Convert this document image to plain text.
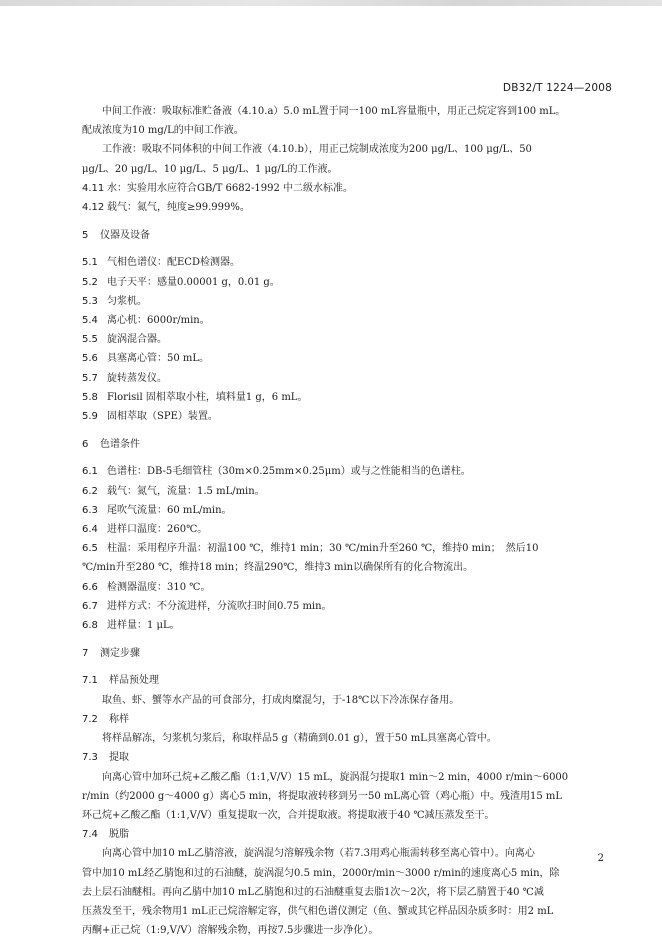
DB32/T 1224—2008

中间工作液：吸取标准贮备液（4.10.a）5.0 mL置于同一100 mL容量瓶中，用正己烷定容到100 mL。

配成浓度为10 mg/L的中间工作液。

工作液：吸取不同体积的中间工作液（4.10.b），用正己烷制成浓度为200 μg/L、100 μg/L、50

μg/L、20 μg/L、10 μg/L、5 μg/L、1 μg/L的工作液。

4.11 水：实验用水应符合GB/T 6682-1992 中二级水标准。
4.12 载气：氮气，纯度≥99.999%。
5	仪器及设备
5.1 气相色谱仪：配ECD检测器。
5.2 电子天平：感量0.00001 g，0.01 g。
5.3 匀浆机。
5.4 离心机：6000r/min。
5.5 旋涡混合器。
5.6 具塞离心管：50 mL。
5.7 旋转蒸发仪。
5.8 Florisil 固相萃取小柱，填料量1 g，6 mL。
5.9 固相萃取（SPE）装置。
6	色谱条件
6.1 色谱柱：DB-5毛细管柱（30m×0.25mm×0.25μm）或与之性能相当的色谱柱。
6.2 载气：氮气，流量：1.5 mL/min。
6.3 尾吹气流量：60 mL/min。
6.4 进样口温度：260℃。
6.5 柱温：采用程序升温：初温100 ℃，维持1 min；30 ℃/min升至260 ℃，维持0 min；　然后10

℃/min升至280 ℃，维持18 min；终温290℃，维持3 min以确保所有的化合物流出。

6.6 检测器温度：310 ℃。
6.7 进样方式：不分流进样，分流吹扫时间0.75 min。
6.8 进样量：1 μL。
7	测定步骤
7.1	样品预处理

取鱼、虾、蟹等水产品的可食部分，打成肉糜混匀，于-18℃以下冷冻保存备用。

7.2	称样

将样品解冻，匀浆机匀浆后，称取样品5 g（精确到0.01 g），置于50 mL具塞离心管中。

7.3	提取

向离心管中加环己烷+乙酸乙酯（1:1,V/V）15 mL，旋涡混匀提取1 min～2 min，4000 r/min～6000

r/min（约2000 g～4000 g）离心5 min，将提取液转移到另一50 mL离心管（鸡心瓶）中。残渣用15 mL

环己烷+乙酸乙酯（1:1,V/V）重复提取一次，合并提取液。将提取液于40 ℃减压蒸发至干。

7.4	脱脂

向离心管中加10 mL乙腈溶液，旋涡混匀溶解残余物（若7.3用鸡心瓶需转移至离心管中）。向离心

管中加10 mL经乙腈饱和过的石油醚，旋涡混匀0.5 min，2000r/min～3000 r/min的速度离心5 min，除

去上层石油醚相。再向乙腈中加10 mL乙腈饱和过的石油醚重复去脂1次～2次，将下层乙腈置于40 ℃减

压蒸发至干，残余物用1 mL正己烷溶解定容，供气相色谱仪测定（鱼、蟹或其它样品因杂质多时：用2 mL

丙酮+正己烷（1:9,V/V）溶解残余物，再按7.5步骤进一步净化）。

2
